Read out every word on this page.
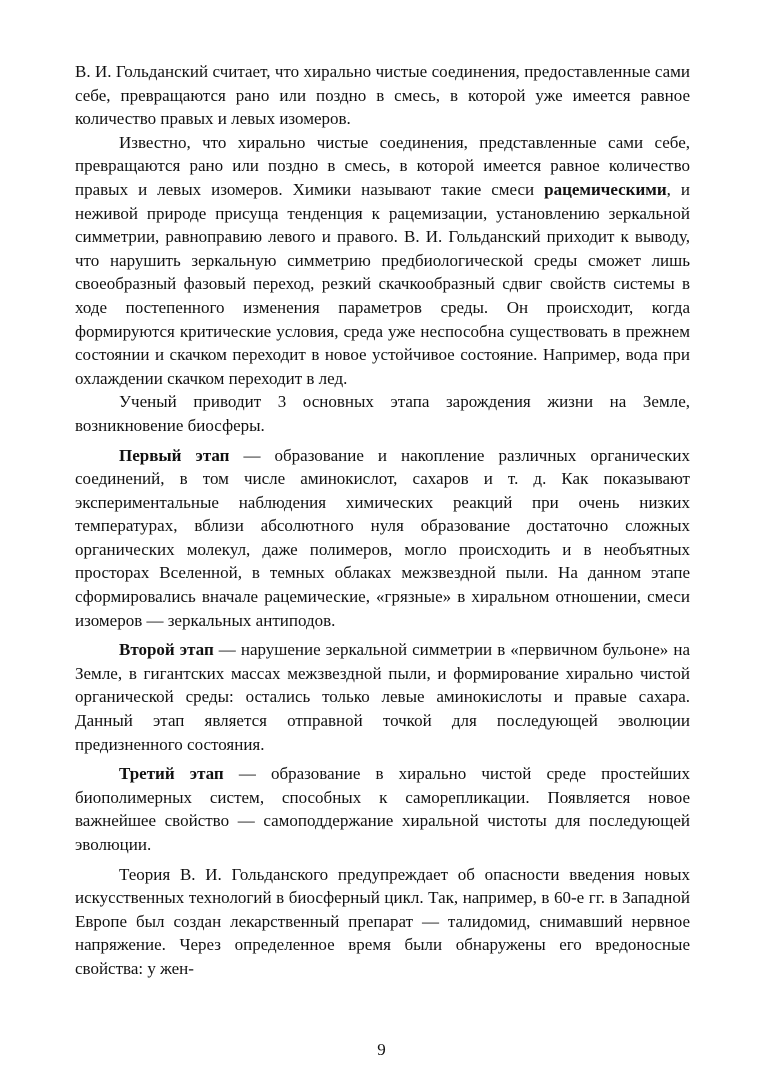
В. И. Гольданский считает, что хирально чистые соединения, предоставленные сами себе, превращаются рано или поздно в смесь, в которой уже имеется равное количество правых и левых изомеров.

Известно, что хирально чистые соединения, представленные сами себе, превращаются рано или поздно в смесь, в которой имеется равное количество правых и левых изомеров. Химики называют такие смеси рацемическими, и неживой природе присуща тенденция к рацемизации, установлению зеркальной симметрии, равноправию левого и правого. В. И. Гольданский приходит к выводу, что нарушить зеркальную симметрию предбиологической среды сможет лишь своеобразный фазовый переход, резкий скачкообразный сдвиг свойств системы в ходе постепенного изменения параметров среды. Он происходит, когда формируются критические условия, среда уже неспособна существовать в прежнем состоянии и скачком переходит в новое устойчивое состояние. Например, вода при охлаждении скачком переходит в лед.

Ученый приводит 3 основных этапа зарождения жизни на Земле, возникновение биосферы.

Первый этап — образование и накопление различных органических соединений, в том числе аминокислот, сахаров и т. д. Как показывают экспериментальные наблюдения химических реакций при очень низких температурах, вблизи абсолютного нуля образование достаточно сложных органических молекул, даже полимеров, могло происходить и в необъятных просторах Вселенной, в темных облаках межзвездной пыли. На данном этапе сформировались вначале рацемические, «грязные» в хиральном отношении, смеси изомеров — зеркальных антиподов.

Второй этап — нарушение зеркальной симметрии в «первичном бульоне» на Земле, в гигантских массах межзвездной пыли, и формирование хирально чистой органической среды: остались только левые аминокислоты и правые сахара. Данный этап является отправной точкой для последующей эволюции предизненного состояния.

Третий этап — образование в хирально чистой среде простейших биополимерных систем, способных к саморепликации. Появляется новое важнейшее свойство — самоподдержание хиральной чистоты для последующей эволюции.

Теория В. И. Гольданского предупреждает об опасности введения новых искусственных технологий в биосферный цикл. Так, например, в 60-е гг. в Западной Европе был создан лекарственный препарат — талидомид, снимавший нервное напряжение. Через определенное время были обнаружены его вредоносные свойства: у жен-

9
